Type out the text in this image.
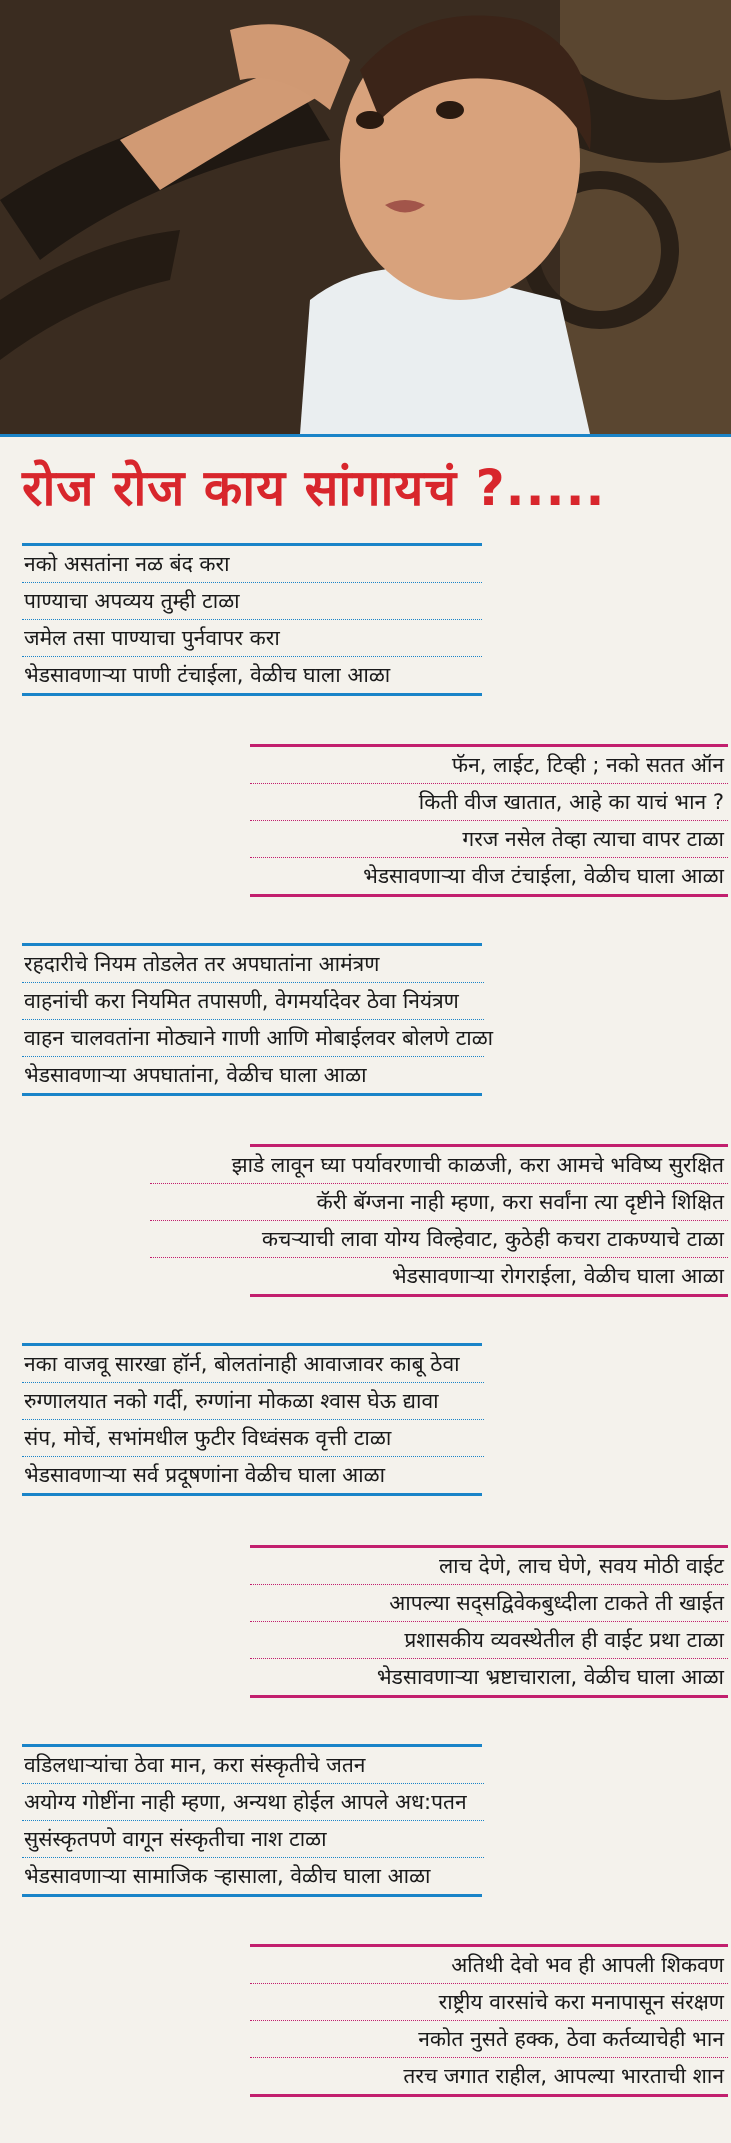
रोज रोज काय सांगायचं ?.....
नको असतांना नळ बंद करा
पाण्याचा अपव्यय तुम्ही टाळा
जमेल तसा पाण्याचा पुर्नवापर करा
भेडसावणाऱ्या पाणी टंचाईला, वेळीच घाला आळा
फॅन, लाईट, टिव्ही ; नको सतत ऑन
किती वीज खातात, आहे का याचं भान ?
गरज नसेल तेव्हा त्याचा वापर टाळा
भेडसावणाऱ्या वीज टंचाईला, वेळीच घाला आळा
रहदारीचे नियम तोडलेत तर अपघातांना आमंत्रण
वाहनांची करा नियमित तपासणी, वेगमर्यादेवर ठेवा नियंत्रण
वाहन चालवतांना मोठ्याने गाणी आणि मोबाईलवर बोलणे टाळा
भेडसावणाऱ्या अपघातांना, वेळीच घाला आळा
झाडे लावून घ्या पर्यावरणाची काळजी, करा आमचे भविष्य सुरक्षित
कॅरी बॅग्जना नाही म्हणा, करा सर्वांना त्या दृष्टीने शिक्षित
कचऱ्याची लावा योग्य विल्हेवाट, कुठेही कचरा टाकण्याचे टाळा
भेडसावणाऱ्या रोगराईला, वेळीच घाला आळा
नका वाजवू सारखा हॉर्न, बोलतांनाही आवाजावर काबू ठेवा
रुग्णालयात नको गर्दी, रुग्णांना मोकळा श्वास घेऊ द्यावा
संप, मोर्चे, सभांमधील फुटीर विध्वंसक वृत्ती टाळा
भेडसावणाऱ्या सर्व प्रदूषणांना वेळीच घाला आळा
लाच देणे, लाच घेणे, सवय मोठी वाईट
आपल्या सद्सद्विवेकबुध्दीला टाकते ती खाईत
प्रशासकीय व्यवस्थेतील ही वाईट प्रथा टाळा
भेडसावणाऱ्या भ्रष्टाचाराला, वेळीच घाला आळा
वडिलधाऱ्यांचा ठेवा मान, करा संस्कृतीचे जतन
अयोग्य गोष्टींना नाही म्हणा, अन्यथा होईल आपले अध:पतन
सुसंस्कृतपणे वागून संस्कृतीचा नाश टाळा
भेडसावणाऱ्या सामाजिक ऱ्हासाला, वेळीच घाला आळा
अतिथी देवो भव ही आपली शिकवण
राष्ट्रीय वारसांचे करा मनापासून संरक्षण
नकोत नुसते हक्क, ठेवा कर्तव्याचेही भान
तरच जगात राहील, आपल्या भारताची शान
